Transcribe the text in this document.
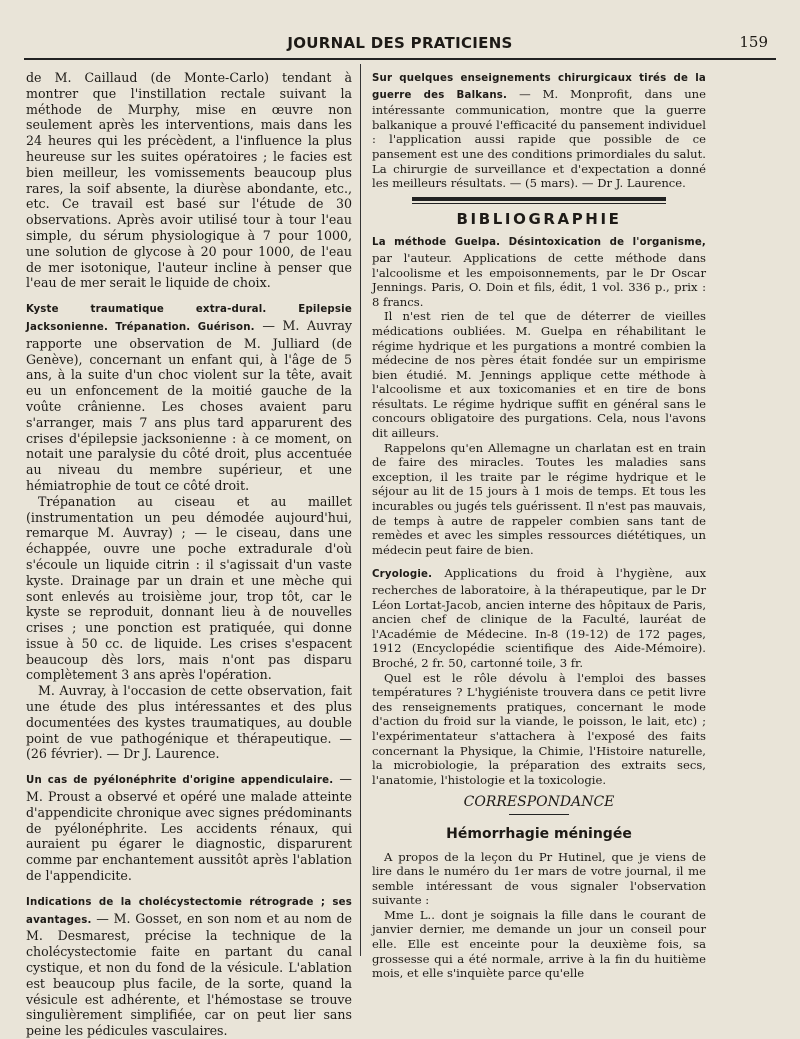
JOURNAL DES PRATICIENS	159

de M. Caillaud (de Monte-Carlo) tendant à montrer que l'instillation rectale suivant la méthode de Murphy, mise en œuvre non seulement après les interventions, mais dans les 24 heures qui les précèdent, a l'influence la plus heureuse sur les suites opératoires ; le facies est bien meilleur, les vomissements beaucoup plus rares, la soif absente, la diurèse abondante, etc., etc. Ce travail est basé sur l'étude de 30 observations. Après avoir utilisé tour à tour l'eau simple, du sérum physiologique à 7 pour 1000, une solution de glycose à 20 pour 1000, de l'eau de mer isotonique, l'auteur incline à penser que l'eau de mer serait le liquide de choix.

Kyste traumatique extra-dural. Epilepsie Jacksonienne. Trépanation. Guérison. — M. Auvray rapporte une observation de M. Julliard (de Genève), concernant un enfant qui, à l'âge de 5 ans, à la suite d'un choc violent sur la tête, avait eu un enfoncement de la moitié gauche de la voûte crânienne. Les choses avaient paru s'arranger, mais 7 ans plus tard apparurent des crises d'épilepsie jacksonienne : à ce moment, on notait une paralysie du côté droit, plus accentuée au niveau du membre supérieur, et une hémiatrophie de tout ce côté droit.

Trépanation au ciseau et au maillet (instrumentation un peu démodée aujourd'hui, remarque M. Auvray) ; — le ciseau, dans une échappée, ouvre une poche extradurale d'où s'écoule un liquide citrin : il s'agissait d'un vaste kyste. Drainage par un drain et une mèche qui sont enlevés au troisième jour, trop tôt, car le kyste se reproduit, donnant lieu à de nouvelles crises ; une ponction est pratiquée, qui donne issue à 50 cc. de liquide. Les crises s'espacent beaucoup dès lors, mais n'ont pas disparu complètement 3 ans après l'opération.

M. Auvray, à l'occasion de cette observation, fait une étude des plus intéressantes et des plus documentées des kystes traumatiques, au double point de vue pathogénique et thérapeutique. — (26 février). — Dr J. Laurence.

Un cas de pyélonéphrite d'origine appendiculaire. — M. Proust a observé et opéré une malade atteinte d'appendicite chronique avec signes prédominants de pyélonéphrite. Les accidents rénaux, qui auraient pu égarer le diagnostic, disparurent comme par enchantement aussitôt après l'ablation de l'appendicite.

Indications de la cholécystectomie rétrograde ; ses avantages. — M. Gosset, en son nom et au nom de M. Desmarest, précise la technique de la cholécystectomie faite en partant du canal cystique, et non du fond de la vésicule. L'ablation est beaucoup plus facile, de la sorte, quand la vésicule est adhérente, et l'hémostase se trouve singulièrement simplifiée, car on peut lier sans peine les pédicules vasculaires.

Sur quelques enseignements chirurgicaux tirés de la guerre des Balkans. — M. Monprofit, dans une intéressante communication, montre que la guerre balkanique a prouvé l'efficacité du pansement individuel : l'application aussi rapide que possible de ce pansement est une des conditions primordiales du salut. La chirurgie de surveillance et d'expectation a donné les meilleurs résultats. — (5 mars). — Dr J. Laurence.

BIBLIOGRAPHIE

La méthode Guelpa. Désintoxication de l'organisme, par l'auteur. Applications de cette méthode dans l'alcoolisme et les empoisonnements, par le Dr Oscar Jennings. Paris, O. Doin et fils, édit, 1 vol. 336 p., prix : 8 francs.

Il n'est rien de tel que de déterrer de vieilles médications oubliées. M. Guelpa en réhabilitant le régime hydrique et les purgations a montré combien la médecine de nos pères était fondée sur un empirisme bien étudié. M. Jennings applique cette méthode à l'alcoolisme et aux toxicomanies et en tire de bons résultats. Le régime hydrique suffit en général sans le concours obligatoire des purgations. Cela, nous l'avons dit ailleurs.

Rappelons qu'en Allemagne un charlatan est en train de faire des miracles. Toutes les maladies sans exception, il les traite par le régime hydrique et le séjour au lit de 15 jours à 1 mois de temps. Et tous les incurables ou jugés tels guérissent. Il n'est pas mauvais, de temps à autre de rappeler combien sans tant de remèdes et avec les simples ressources diététiques, un médecin peut faire de bien.

Cryologie. Applications du froid à l'hygiène, aux recherches de laboratoire, à la thérapeutique, par le Dr Léon Lortat-Jacob, ancien interne des hôpitaux de Paris, ancien chef de clinique de la Faculté, lauréat de l'Académie de Médecine. In-8 (19-12) de 172 pages, 1912 (Encyclopédie scientifique des Aide-Mémoire). Broché, 2 fr. 50, cartonné toile, 3 fr.

Quel est le rôle dévolu à l'emploi des basses températures ? L'hygiéniste trouvera dans ce petit livre des renseignements pratiques, concernant le mode d'action du froid sur la viande, le poisson, le lait, etc) ; l'expérimentateur s'attachera à l'exposé des faits concernant la Physique, la Chimie, l'Histoire naturelle, la microbiologie, la préparation des extraits secs, l'anatomie, l'histologie et la toxicologie.

CORRESPONDANCE
Hémorrhagie méningée

A propos de la leçon du Pr Hutinel, que je viens de lire dans le numéro du 1er mars de votre journal, il me semble intéressant de vous signaler l'observation suivante :

Mme L.. dont je soignais la fille dans le courant de janvier dernier, me demande un jour un conseil pour elle. Elle est enceinte pour la deuxième fois, sa grossesse qui a été normale, arrive à la fin du huitième mois, et elle s'inquiète parce qu'elle
